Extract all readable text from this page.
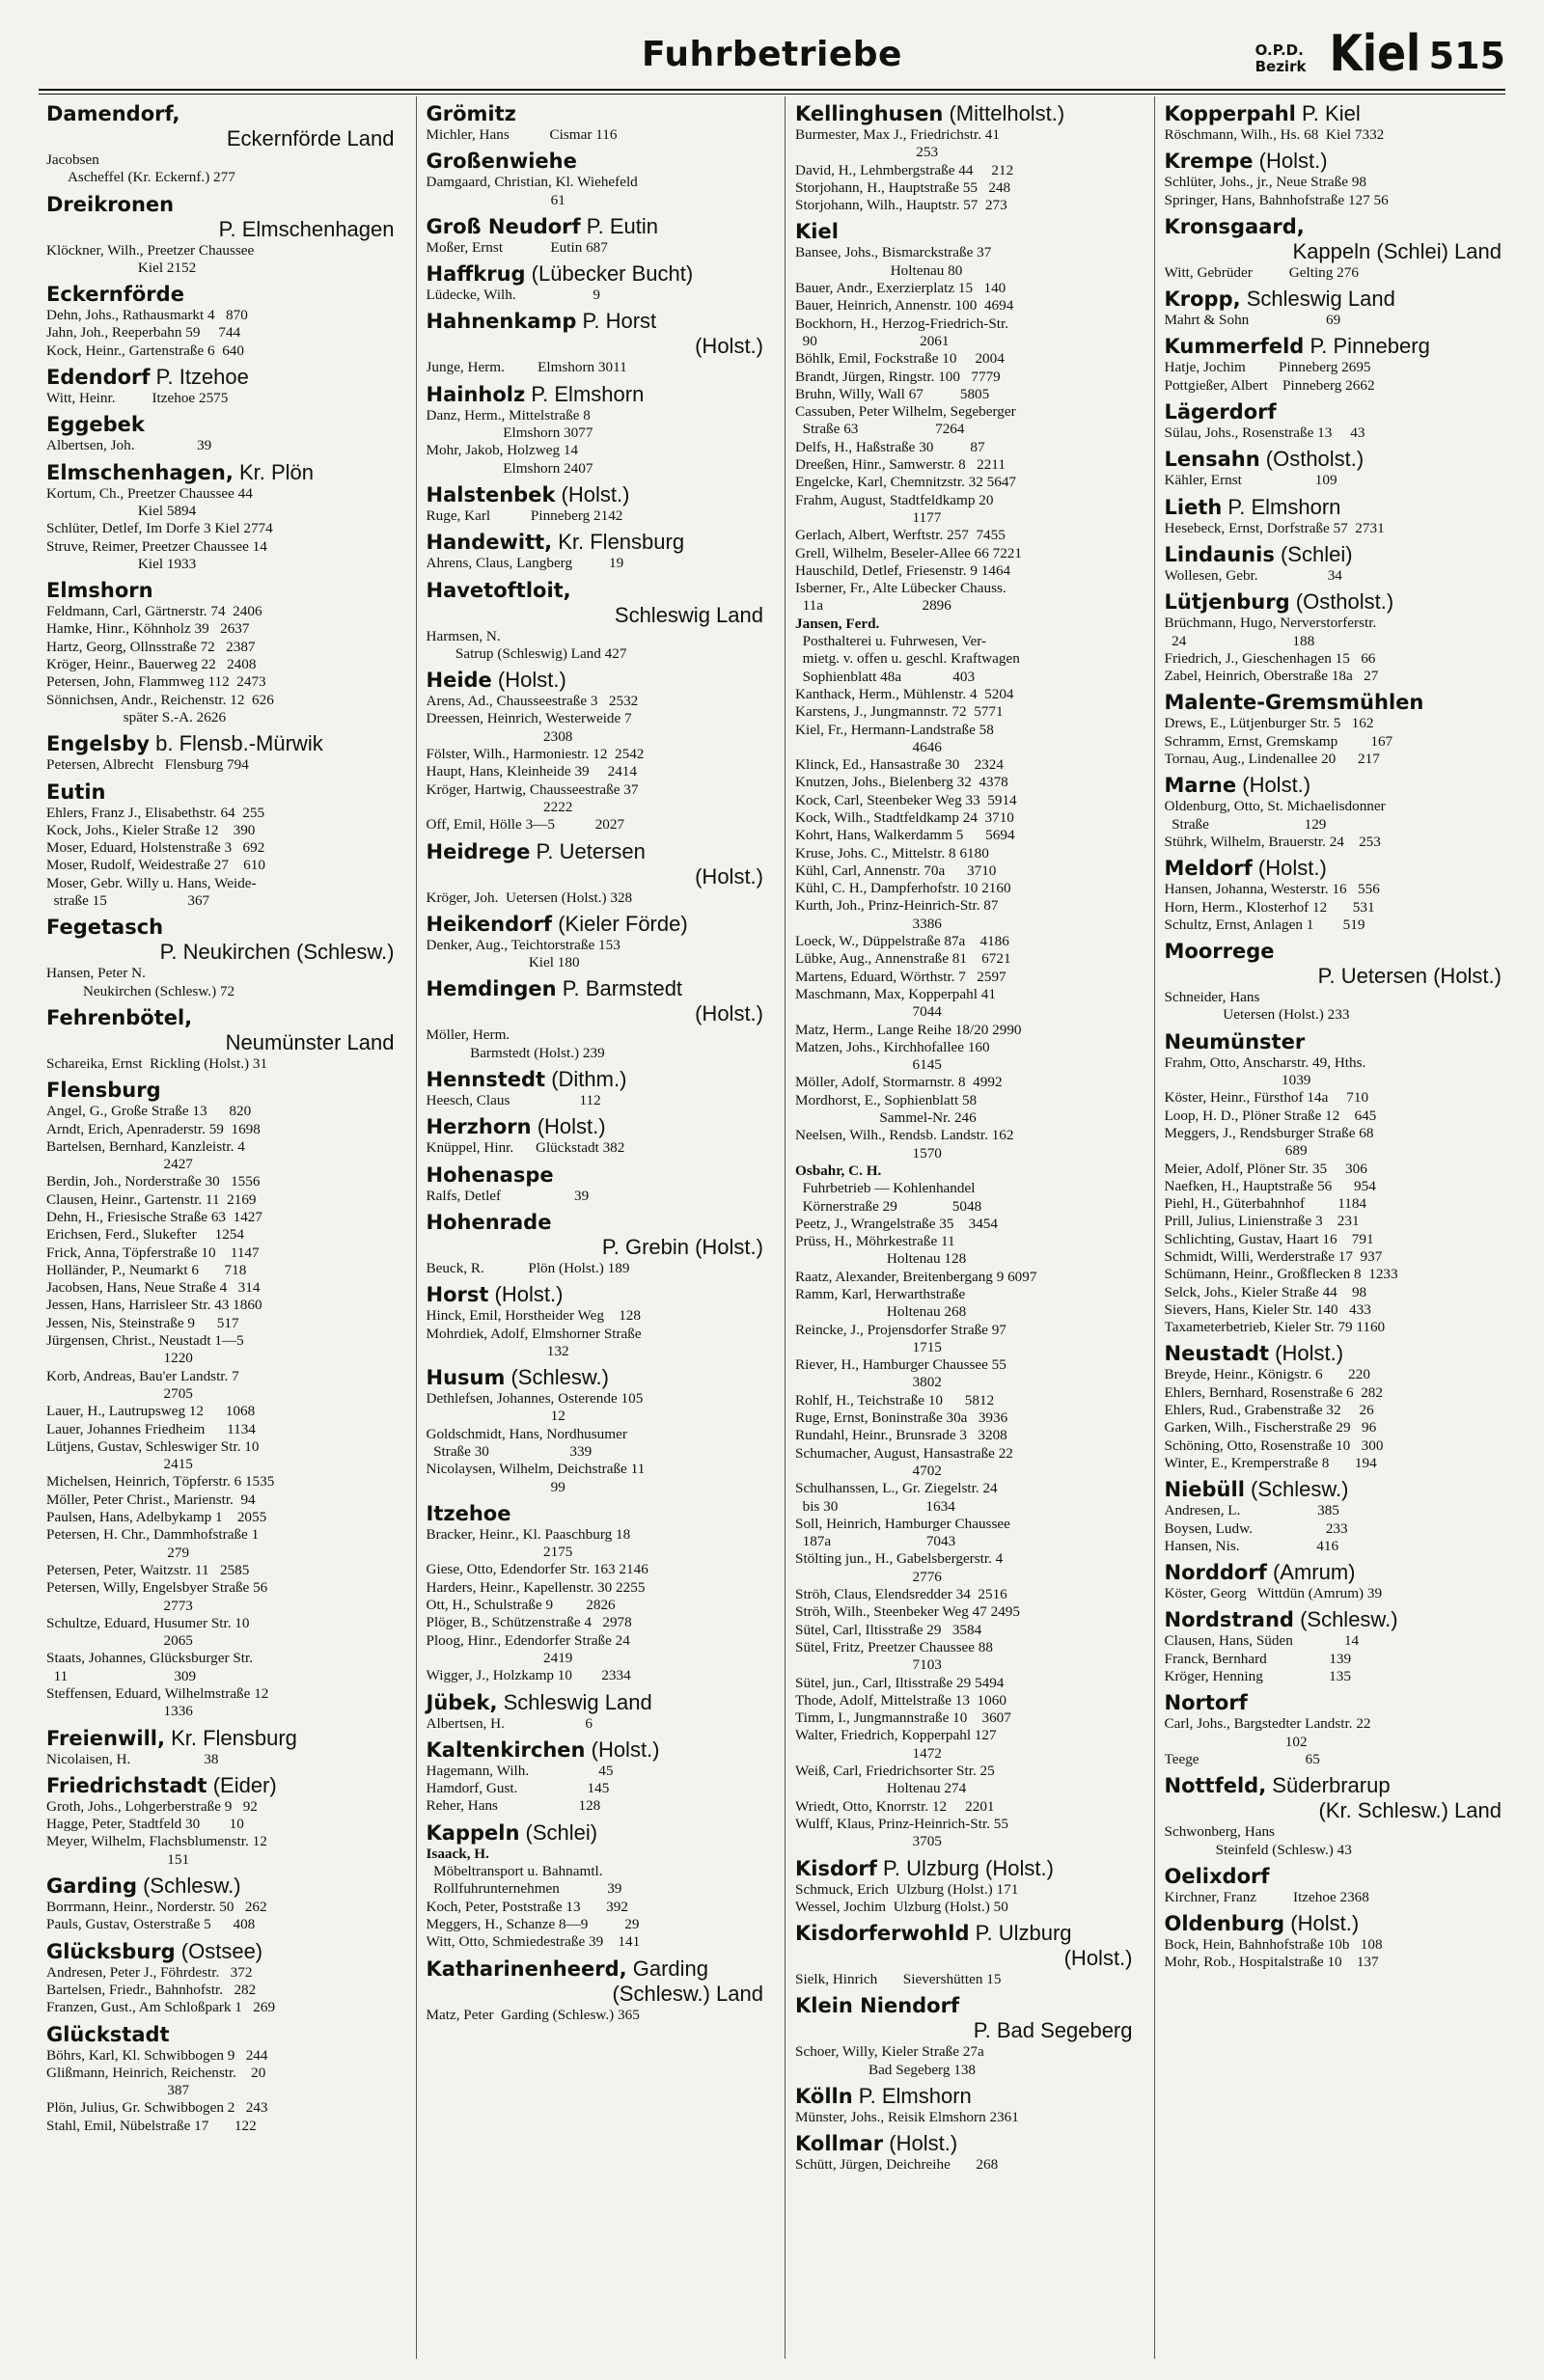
Fuhrbetriebe	O.P.D.
Bezirk Kiel 515
Damendorf,
Eckernförde Land
Jacobsen
Ascheffel (Kr. Eckernf.) 277
Dreikronen
P. Elmschenhagen
Klöckner, Wilh., Preetzer Chaussee
Kiel 2152
Eckernförde
Dehn, Johs., Rathausmarkt 4   870
Jahn, Joh., Reeperbahn 59     744
Kock, Heinr., Gartenstraße 6  640
Edendorf P. Itzehoe
Witt, Heinr.          Itzehoe 2575
Eggebek
Albertsen, Joh.                 39
Elmschenhagen, Kr. Plön
Kortum, Ch., Preetzer Chaussee 44
Kiel 5894
Schlüter, Detlef, Im Dorfe 3 Kiel 2774
Struve, Reimer, Preetzer Chaussee 14
Kiel 1933
Elmshorn
Feldmann, Carl, Gärtnerstr. 74  2406
Hamke, Hinr., Köhnholz 39   2637
Hartz, Georg, Ollnsstraße 72   2387
Kröger, Heinr., Bauerweg 22   2408
Petersen, John, Flammweg 112  2473
Sönnichsen, Andr., Reichenstr. 12  626
später S.-A. 2626
Engelsby b. Flensb.-Mürwik
Petersen, Albrecht   Flensburg 794
Eutin
Ehlers, Franz J., Elisabethstr. 64  255
Kock, Johs., Kieler Straße 12    390
Moser, Eduard, Holstenstraße 3   692
Moser, Rudolf, Weidestraße 27    610
Moser, Gebr. Willy u. Hans, Weide-
straße 15                      367
Fegetasch
P. Neukirchen (Schlesw.)
Hansen, Peter N.
Neukirchen (Schlesw.) 72
Fehrenbötel,
Neumünster Land
Schareika, Ernst  Rickling (Holst.) 31
Flensburg
Angel, G., Große Straße 13      820
Arndt, Erich, Apenraderstr. 59  1698
Bartelsen, Bernhard, Kanzleistr. 4
2427
Berdin, Joh., Norderstraße 30   1556
Clausen, Heinr., Gartenstr. 11  2169
Dehn, H., Friesische Straße 63  1427
Erichsen, Ferd., Slukefter     1254
Frick, Anna, Töpferstraße 10    1147
Holländer, P., Neumarkt 6       718
Jacobsen, Hans, Neue Straße 4   314
Jessen, Hans, Harrisleer Str. 43 1860
Jessen, Nis, Steinstraße 9      517
Jürgensen, Christ., Neustadt 1—5
1220
Korb, Andreas, Bau'er Landstr. 7
2705
Lauer, H., Lautrupsweg 12      1068
Lauer, Johannes Friedheim      1134
Lütjens, Gustav, Schleswiger Str. 10
2415
Michelsen, Heinrich, Töpferstr. 6 1535
Möller, Peter Christ., Marienstr.  94
Paulsen, Hans, Adelbykamp 1    2055
Petersen, H. Chr., Dammhofstraße 1
279
Petersen, Peter, Waitzstr. 11   2585
Petersen, Willy, Engelsbyer Straße 56
2773
Schultze, Eduard, Husumer Str. 10
2065
Staats, Johannes, Glücksburger Str.
11                             309
Steffensen, Eduard, Wilhelmstraße 12
1336
Freienwill, Kr. Flensburg
Nicolaisen, H.                    38
Friedrichstadt (Eider)
Groth, Johs., Lohgerberstraße 9   92
Hagge, Peter, Stadtfeld 30        10
Meyer, Wilhelm, Flachsblumenstr. 12
151
Garding (Schlesw.)
Borrmann, Heinr., Norderstr. 50   262
Pauls, Gustav, Osterstraße 5      408
Glücksburg (Ostsee)
Andresen, Peter J., Föhrdestr.   372
Bartelsen, Friedr., Bahnhofstr.   282
Franzen, Gust., Am Schloßpark 1   269
Glückstadt
Böhrs, Karl, Kl. Schwibbogen 9   244
Glißmann, Heinrich, Reichenstr.    20
387
Plön, Julius, Gr. Schwibbogen 2   243
Stahl, Emil, Nübelstraße 17       122
Grömitz
Michler, Hans           Cismar 116
Großenwiehe
Damgaard, Christian, Kl. Wiehefeld
61
Groß Neudorf P. Eutin
Moßer, Ernst             Eutin 687
Haffkrug (Lübecker Bucht)
Lüdecke, Wilh.                     9
Hahnenkamp P. Horst
(Holst.)
Junge, Herm.         Elmshorn 3011
Hainholz P. Elmshorn
Danz, Herm., Mittelstraße 8
Elmshorn 3077
Mohr, Jakob, Holzweg 14
Elmshorn 2407
Halstenbek (Holst.)
Ruge, Karl           Pinneberg 2142
Handewitt, Kr. Flensburg
Ahrens, Claus, Langberg          19
Havetoftloit,
Schleswig Land
Harmsen, N.
Satrup (Schleswig) Land 427
Heide (Holst.)
Arens, Ad., Chausseestraße 3   2532
Dreessen, Heinrich, Westerweide 7
2308
Fölster, Wilh., Harmoniestr. 12  2542
Haupt, Hans, Kleinheide 39     2414
Kröger, Hartwig, Chausseestraße 37
2222
Off, Emil, Hölle 3—5           2027
Heidrege P. Uetersen
(Holst.)
Kröger, Joh.  Uetersen (Holst.) 328
Heikendorf (Kieler Förde)
Denker, Aug., Teichtorstraße 153
Kiel 180
Hemdingen P. Barmstedt
(Holst.)
Möller, Herm.
Barmstedt (Holst.) 239
Hennstedt (Dithm.)
Heesch, Claus                   112
Herzhorn (Holst.)
Knüppel, Hinr.      Glückstadt 382
Hohenaspe
Ralfs, Detlef                    39
Hohenrade
P. Grebin (Holst.)
Beuck, R.            Plön (Holst.) 189
Horst (Holst.)
Hinck, Emil, Horstheider Weg    128
Mohrdiek, Adolf, Elmshorner Straße
132
Husum (Schlesw.)
Dethlefsen, Johannes, Osterende 105
12
Goldschmidt, Hans, Nordhusumer
Straße 30                      339
Nicolaysen, Wilhelm, Deichstraße 11
99
Itzehoe
Bracker, Heinr., Kl. Paaschburg 18
2175
Giese, Otto, Edendorfer Str. 163 2146
Harders, Heinr., Kapellenstr. 30 2255
Ott, H., Schulstraße 9         2826
Plöger, B., Schützenstraße 4   2978
Ploog, Hinr., Edendorfer Straße 24
2419
Wigger, J., Holzkamp 10        2334
Jübek, Schleswig Land
Albertsen, H.                      6
Kaltenkirchen (Holst.)
Hagemann, Wilh.                   45
Hamdorf, Gust.                   145
Reher, Hans                      128
Kappeln (Schlei)
Isaack, H.
Möbeltransport u. Bahnamtl.
Rollfuhrunternehmen             39
Koch, Peter, Poststraße 13       392
Meggers, H., Schanze 8—9          29
Witt, Otto, Schmiedestraße 39    141
Katharinenheerd, Garding
(Schlesw.) Land
Matz, Peter  Garding (Schlesw.) 365
Kellinghusen (Mittelholst.)
Burmester, Max J., Friedrichstr. 41
253
David, H., Lehmbergstraße 44     212
Storjohann, H., Hauptstraße 55   248
Storjohann, Wilh., Hauptstr. 57  273
Kiel
Bansee, Johs., Bismarckstraße 37
Holtenau 80
Bauer, Andr., Exerzierplatz 15   140
Bauer, Heinrich, Annenstr. 100  4694
Bockhorn, H., Herzog-Friedrich-Str.
90                            2061
Böhlk, Emil, Fockstraße 10     2004
Brandt, Jürgen, Ringstr. 100   7779
Bruhn, Willy, Wall 67          5805
Cassuben, Peter Wilhelm, Segeberger
Straße 63                     7264
Delfs, H., Haßstraße 30          87
Dreeßen, Hinr., Samwerstr. 8   2211
Engelcke, Karl, Chemnitzstr. 32 5647
Frahm, August, Stadtfeldkamp 20
1177
Gerlach, Albert, Werftstr. 257  7455
Grell, Wilhelm, Beseler-Allee 66 7221
Hauschild, Detlef, Friesenstr. 9 1464
Isberner, Fr., Alte Lübecker Chauss.
11a                           2896
Jansen, Ferd.
Posthalterei u. Fuhrwesen, Ver-
mietg. v. offen u. geschl. Kraftwagen
Sophienblatt 48a              403
Kanthack, Herm., Mühlenstr. 4  5204
Karstens, J., Jungmannstr. 72  5771
Kiel, Fr., Hermann-Landstraße 58
4646
Klinck, Ed., Hansastraße 30    2324
Knutzen, Johs., Bielenberg 32  4378
Kock, Carl, Steenbeker Weg 33  5914
Kock, Wilh., Stadtfeldkamp 24  3710
Kohrt, Hans, Walkerdamm 5      5694
Kruse, Johs. C., Mittelstr. 8 6180
Kühl, Carl, Annenstr. 70a      3710
Kühl, C. H., Dampferhofstr. 10 2160
Kurth, Joh., Prinz-Heinrich-Str. 87
3386
Loeck, W., Düppelstraße 87a    4186
Lübke, Aug., Annenstraße 81    6721
Martens, Eduard, Wörthstr. 7   2597
Maschmann, Max, Kopperpahl 41
7044
Matz, Herm., Lange Reihe 18/20 2990
Matzen, Johs., Kirchhofallee 160
6145
Möller, Adolf, Stormarnstr. 8  4992
Mordhorst, E., Sophienblatt 58
Sammel-Nr. 246
Neelsen, Wilh., Rendsb. Landstr. 162
1570
Osbahr, C. H.
Fuhrbetrieb — Kohlenhandel
Körnerstraße 29               5048
Peetz, J., Wrangelstraße 35    3454
Prüss, H., Möhrkestraße 11
Holtenau 128
Raatz, Alexander, Breitenbergang 9 6097
Ramm, Karl, Herwarthstraße
Holtenau 268
Reincke, J., Projensdorfer Straße 97
1715
Riever, H., Hamburger Chaussee 55
3802
Rohlf, H., Teichstraße 10      5812
Ruge, Ernst, Boninstraße 30a   3936
Rundahl, Heinr., Brunsrade 3   3208
Schumacher, August, Hansastraße 22
4702
Schulhanssen, L., Gr. Ziegelstr. 24
bis 30                        1634
Soll, Heinrich, Hamburger Chaussee
187a                          7043
Stölting jun., H., Gabelsbergerstr. 4
2776
Ströh, Claus, Elendsredder 34  2516
Ströh, Wilh., Steenbeker Weg 47 2495
Sütel, Carl, Iltisstraße 29   3584
Sütel, Fritz, Preetzer Chaussee 88
7103
Sütel, jun., Carl, Iltisstraße 29 5494
Thode, Adolf, Mittelstraße 13  1060
Timm, I., Jungmannstraße 10    3607
Walter, Friedrich, Kopperpahl 127
1472
Weiß, Carl, Friedrichsorter Str. 25
Holtenau 274
Wriedt, Otto, Knorrstr. 12     2201
Wulff, Klaus, Prinz-Heinrich-Str. 55
3705
Kisdorf P. Ulzburg (Holst.)
Schmuck, Erich  Ulzburg (Holst.) 171
Wessel, Jochim  Ulzburg (Holst.) 50
Kisdorferwohld P. Ulzburg
(Holst.)
Sielk, Hinrich       Sievershütten 15
Klein Niendorf
P. Bad Segeberg
Schoer, Willy, Kieler Straße 27a
Bad Segeberg 138
Kölln P. Elmshorn
Münster, Johs., Reisik Elmshorn 2361
Kollmar (Holst.)
Schütt, Jürgen, Deichreihe       268
Kopperpahl P. Kiel
Röschmann, Wilh., Hs. 68  Kiel 7332
Krempe (Holst.)
Schlüter, Johs., jr., Neue Straße 98
Springer, Hans, Bahnhofstraße 127 56
Kronsgaard,
Kappeln (Schlei) Land
Witt, Gebrüder          Gelting 276
Kropp, Schleswig Land
Mahrt & Sohn                     69
Kummerfeld P. Pinneberg
Hatje, Jochim         Pinneberg 2695
Pottgießer, Albert    Pinneberg 2662
Lägerdorf
Sülau, Johs., Rosenstraße 13     43
Lensahn (Ostholst.)
Kähler, Ernst                    109
Lieth P. Elmshorn
Hesebeck, Ernst, Dorfstraße 57  2731
Lindaunis (Schlei)
Wollesen, Gebr.                   34
Lütjenburg (Ostholst.)
Brüchmann, Hugo, Nerverstorferstr.
24                             188
Friedrich, J., Gieschenhagen 15   66
Zabel, Heinrich, Oberstraße 18a   27
Malente-Gremsmühlen
Drews, E., Lütjenburger Str. 5   162
Schramm, Ernst, Gremskamp         167
Tornau, Aug., Lindenallee 20      217
Marne (Holst.)
Oldenburg, Otto, St. Michaelisdonner
Straße                          129
Stührk, Wilhelm, Brauerstr. 24    253
Meldorf (Holst.)
Hansen, Johanna, Westerstr. 16   556
Horn, Herm., Klosterhof 12       531
Schultz, Ernst, Anlagen 1        519
Moorrege
P. Uetersen (Holst.)
Schneider, Hans
Uetersen (Holst.) 233
Neumünster
Frahm, Otto, Anscharstr. 49, Hths.
1039
Köster, Heinr., Fürsthof 14a     710
Loop, H. D., Plöner Straße 12    645
Meggers, J., Rendsburger Straße 68
689
Meier, Adolf, Plöner Str. 35     306
Naefken, H., Hauptstraße 56      954
Piehl, H., Güterbahnhof         1184
Prill, Julius, Linienstraße 3    231
Schlichting, Gustav, Haart 16    791
Schmidt, Willi, Werderstraße 17  937
Schümann, Heinr., Großflecken 8  1233
Selck, Johs., Kieler Straße 44    98
Sievers, Hans, Kieler Str. 140   433
Taxameterbetrieb, Kieler Str. 79 1160
Neustadt (Holst.)
Breyde, Heinr., Königstr. 6       220
Ehlers, Bernhard, Rosenstraße 6  282
Ehlers, Rud., Grabenstraße 32     26
Garken, Wilh., Fischerstraße 29   96
Schöning, Otto, Rosenstraße 10   300
Winter, E., Kremperstraße 8       194
Niebüll (Schlesw.)
Andresen, L.                     385
Boysen, Ludw.                    233
Hansen, Nis.                     416
Norddorf (Amrum)
Köster, Georg   Wittdün (Amrum) 39
Nordstrand (Schlesw.)
Clausen, Hans, Süden              14
Franck, Bernhard                 139
Kröger, Henning                  135
Nortorf
Carl, Johs., Bargstedter Landstr. 22
102
Teege                             65
Nottfeld, Süderbrarup
(Kr. Schlesw.) Land
Schwonberg, Hans
Steinfeld (Schlesw.) 43
Oelixdorf
Kirchner, Franz          Itzehoe 2368
Oldenburg (Holst.)
Bock, Hein, Bahnhofstraße 10b   108
Mohr, Rob., Hospitalstraße 10    137
